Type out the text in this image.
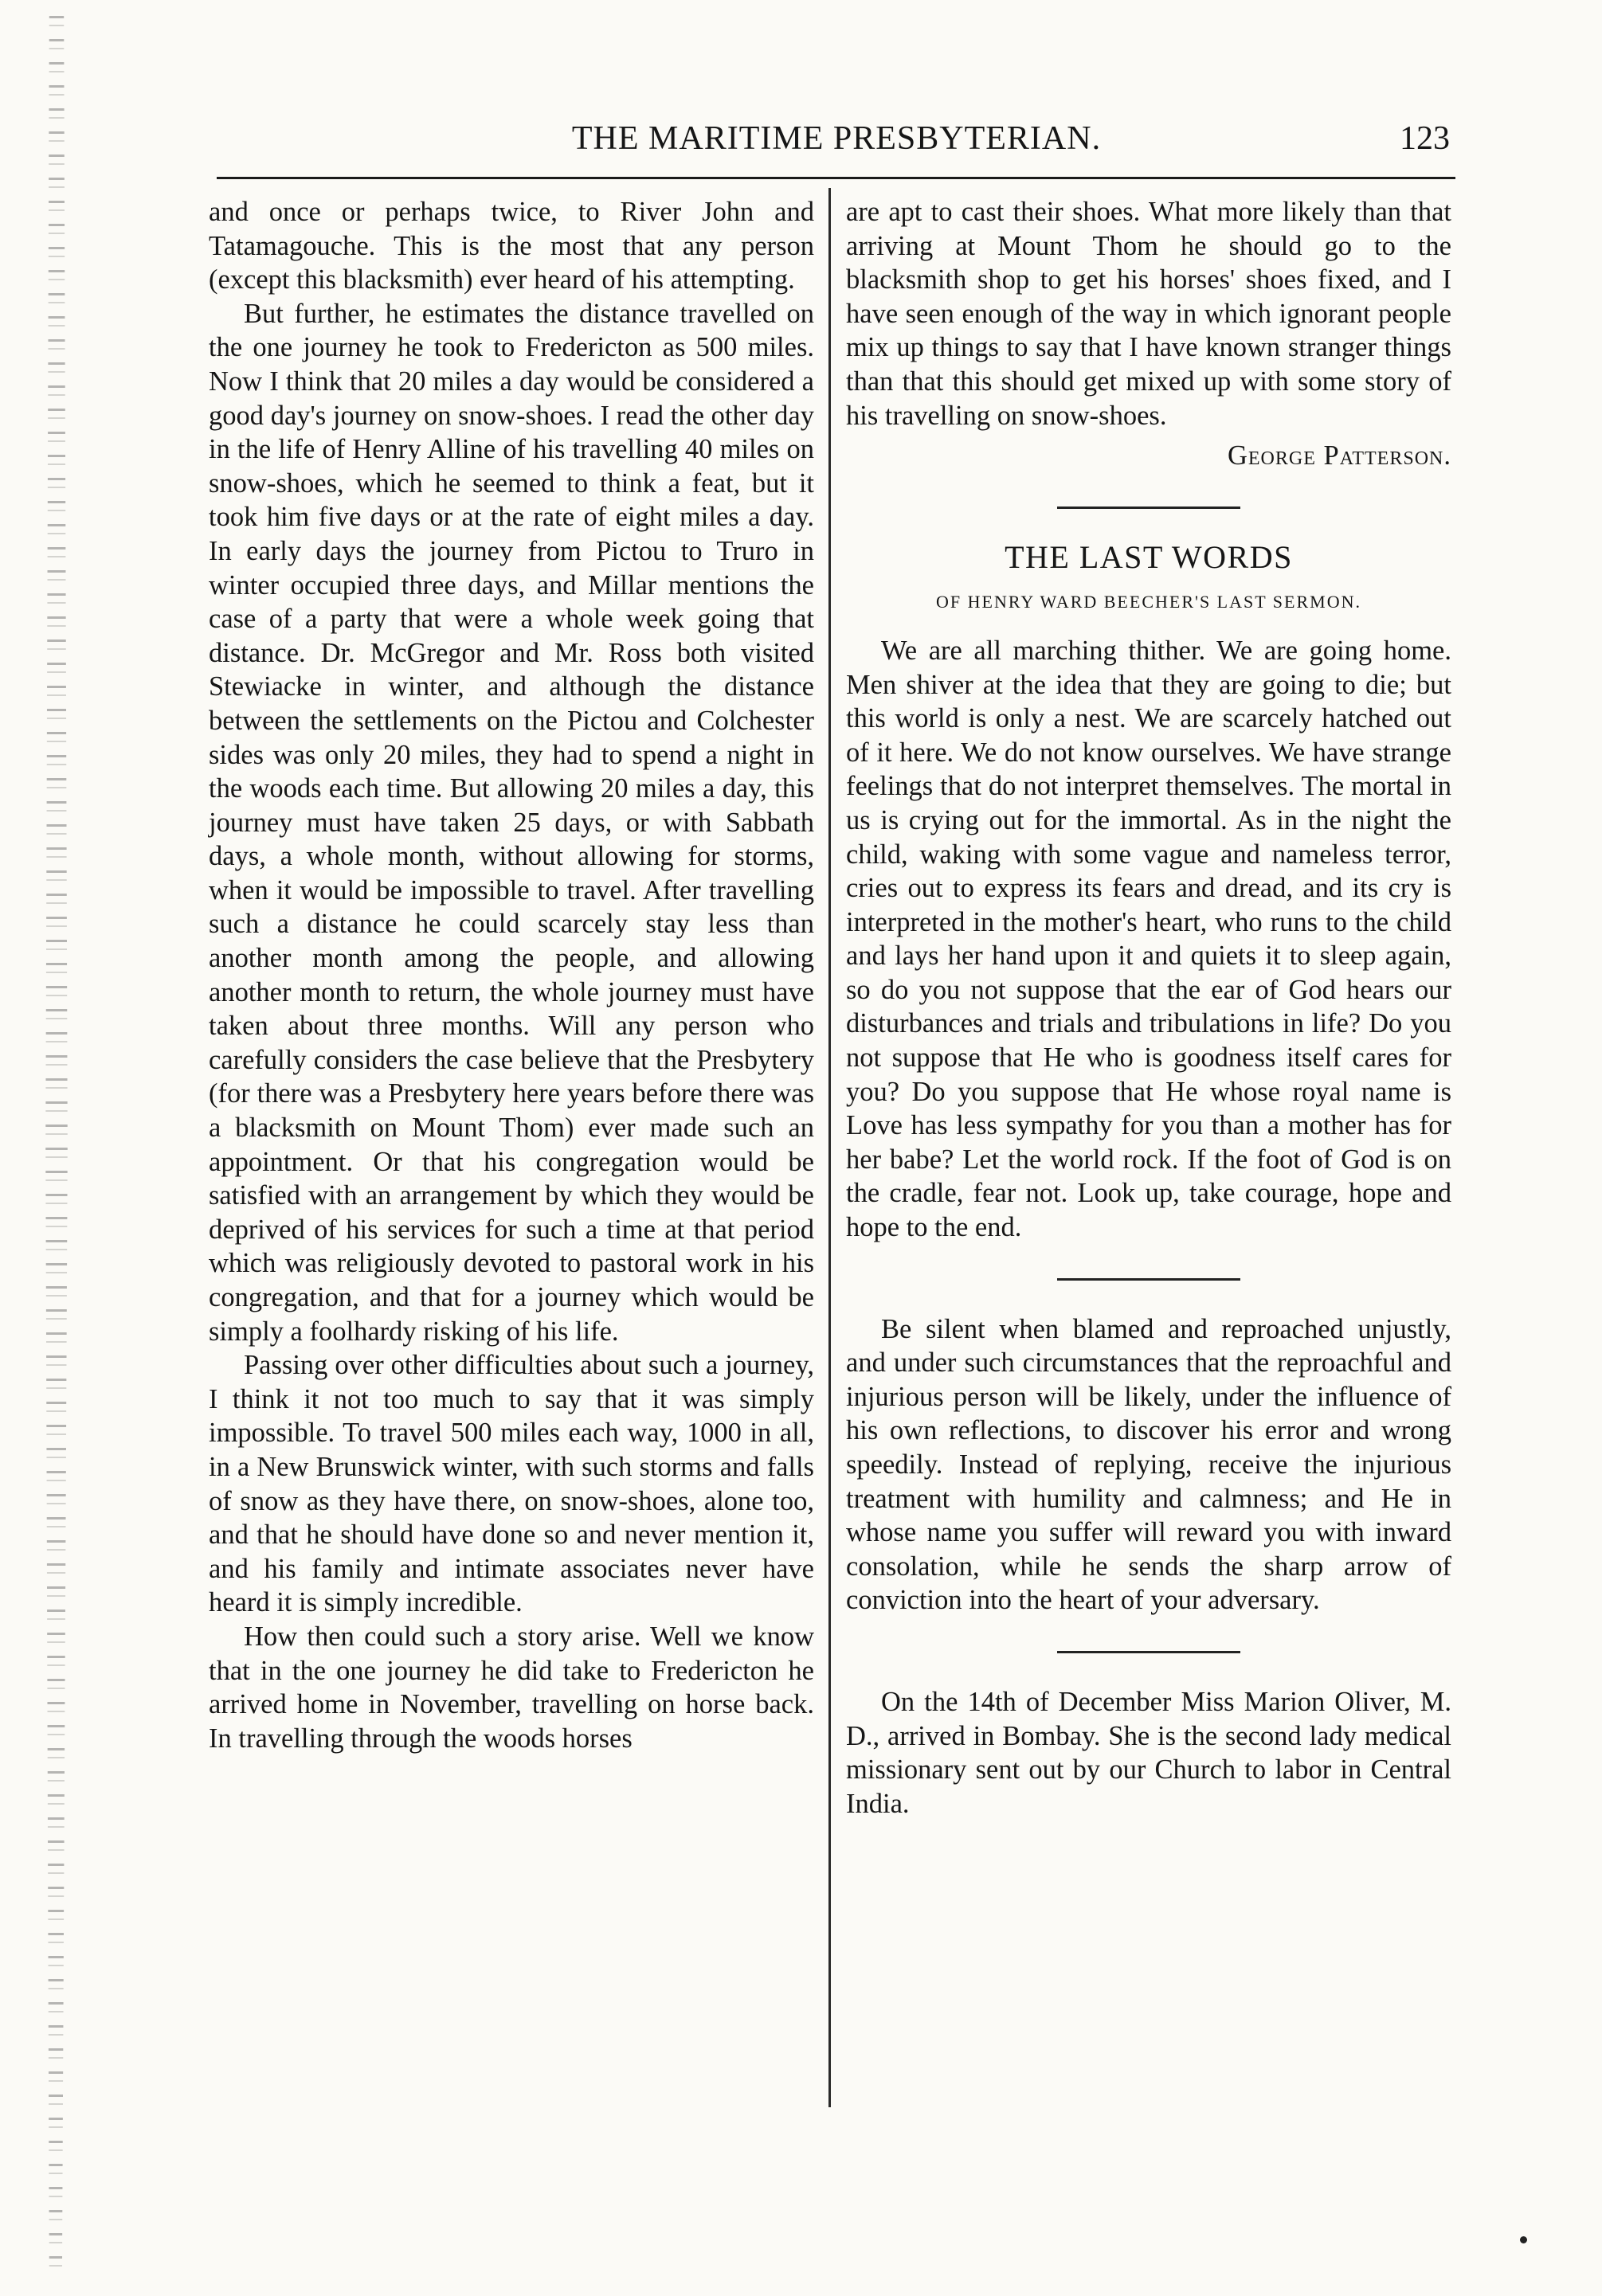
THE MARITIME PRESBYTERIAN.	123

and once or perhaps twice, to River John and Tatamagouche. This is the most that any person (except this blacksmith) ever heard of his attempting.

But further, he estimates the distance travelled on the one journey he took to Fredericton as 500 miles. Now I think that 20 miles a day would be considered a good day's journey on snow-shoes. I read the other day in the life of Henry Alline of his travelling 40 miles on snow-shoes, which he seemed to think a feat, but it took him five days or at the rate of eight miles a day. In early days the journey from Pictou to Truro in winter occupied three days, and Millar mentions the case of a party that were a whole week going that distance. Dr. McGregor and Mr. Ross both visited Stewiacke in winter, and although the distance between the settlements on the Pictou and Colchester sides was only 20 miles, they had to spend a night in the woods each time. But allowing 20 miles a day, this journey must have taken 25 days, or with Sabbath days, a whole month, without allowing for storms, when it would be impossible to travel. After travelling such a distance he could scarcely stay less than another month among the people, and allowing another month to return, the whole journey must have taken about three months. Will any person who carefully considers the case believe that the Presbytery (for there was a Presbytery here years before there was a blacksmith on Mount Thom) ever made such an appointment. Or that his congregation would be satisfied with an arrangement by which they would be deprived of his services for such a time at that period which was religiously devoted to pastoral work in his congregation, and that for a journey which would be simply a foolhardy risking of his life.

Passing over other difficulties about such a journey, I think it not too much to say that it was simply impossible. To travel 500 miles each way, 1000 in all, in a New Brunswick winter, with such storms and falls of snow as they have there, on snow-shoes, alone too, and that he should have done so and never mention it, and his family and intimate associates never have heard it is simply incredible.

How then could such a story arise. Well we know that in the one journey he did take to Fredericton he arrived home in November, travelling on horse back. In travelling through the woods horses

are apt to cast their shoes. What more likely than that arriving at Mount Thom he should go to the blacksmith shop to get his horses' shoes fixed, and I have seen enough of the way in which ignorant people mix up things to say that I have known stranger things than that this should get mixed up with some story of his travelling on snow-shoes.

George Patterson.
THE LAST WORDS
OF HENRY WARD BEECHER'S LAST SERMON.

We are all marching thither. We are going home. Men shiver at the idea that they are going to die; but this world is only a nest. We are scarcely hatched out of it here. We do not know ourselves. We have strange feelings that do not interpret themselves. The mortal in us is crying out for the immortal. As in the night the child, waking with some vague and nameless terror, cries out to express its fears and dread, and its cry is interpreted in the mother's heart, who runs to the child and lays her hand upon it and quiets it to sleep again, so do you not suppose that the ear of God hears our disturbances and trials and tribulations in life? Do you not suppose that He who is goodness itself cares for you? Do you suppose that He whose royal name is Love has less sympathy for you than a mother has for her babe? Let the world rock. If the foot of God is on the cradle, fear not. Look up, take courage, hope and hope to the end.

Be silent when blamed and reproached unjustly, and under such circumstances that the reproachful and injurious person will be likely, under the influence of his own reflections, to discover his error and wrong speedily. Instead of replying, receive the injurious treatment with humility and calmness; and He in whose name you suffer will reward you with inward consolation, while he sends the sharp arrow of conviction into the heart of your adversary.

On the 14th of December Miss Marion Oliver, M. D., arrived in Bombay. She is the second lady medical missionary sent out by our Church to labor in Central India.
